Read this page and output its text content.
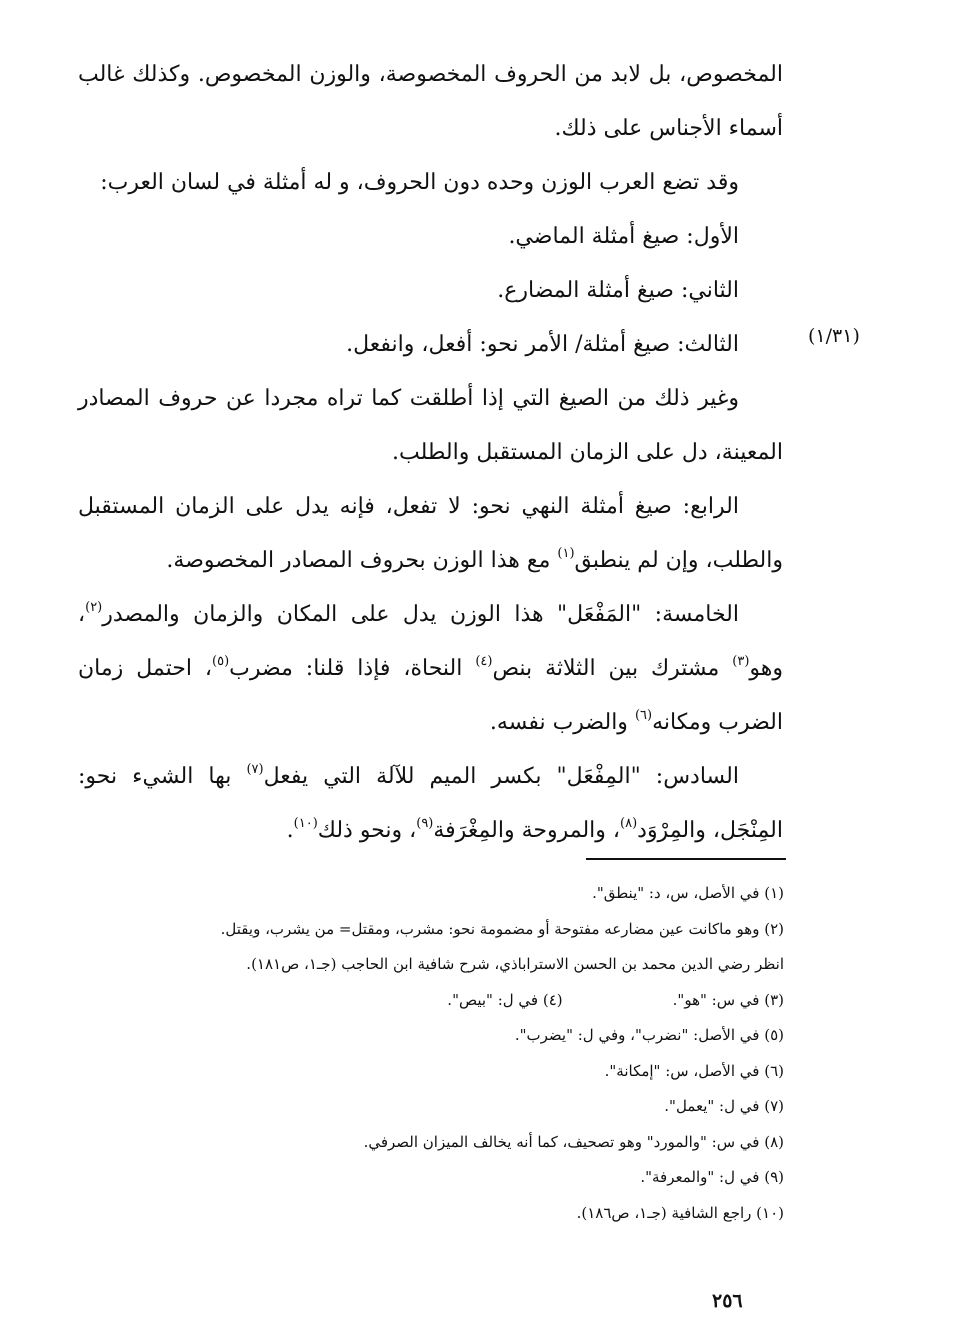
المخصوص، بل لابد من الحروف المخصوصة، والوزن المخصوص. وكذلك غالب أسماء الأجناس على ذلك.

وقد تضع العرب الوزن وحده دون الحروف، و له أمثلة في لسان العرب:

الأول: صيغ أمثلة الماضي.

الثاني: صيغ أمثلة المضارع.

الثالث: صيغ أمثلة/ الأمر نحو: أفعل، وانفعل.

وغير ذلك من الصيغ التي إذا أطلقت كما تراه مجردا عن حروف المصادر المعينة، دل على الزمان المستقبل والطلب.

الرابع: صيغ أمثلة النهي نحو: لا تفعل، فإنه يدل على الزمان المستقبل والطلب، وإن لم ينطبق$^{(١)}$ مع هذا الوزن بحروف المصادر المخصوصة.

الخامسة: "المَفْعَل" هذا الوزن يدل على المكان والزمان والمصدر$^{(٢)}$، وهو$^{(٣)}$ مشترك بين الثلاثة بنص$^{(٤)}$ النحاة، فإذا قلنا: مضرب$^{(٥)}$، احتمل زمان الضرب ومكانه$^{(٦)}$ والضرب نفسه.

السادس: "المِفْعَل" بكسر الميم للآلة التي يفعل$^{(٧)}$ بها الشيء نحو: المِنْجَل، والمِرْوَد$^{(٨)}$، والمروحة والمِغْرَفة$^{(٩)}$، ونحو ذلك$^{(١٠)}$.

(١/٣١)

(١) في الأصل، س، د: "ينطق".

(٢) وهو ماكانت عين مضارعه مفتوحة أو مضمومة نحو: مشرب، ومقتل= من يشرب، ويقتل.

انظر رضي الدين محمد بن الحسن الاستراباذي، شرح شافية ابن الحاجب (جـ١، ص١٨١).

(٣) في س: "هو".
(٤) في ل: "بيص".

(٥) في الأصل: "نضرب"، وفي ل: "يضرب".

(٦) في الأصل، س: "إمكانة".

(٧) في ل: "يعمل".

(٨) في س: "والمورد" وهو تصحيف، كما أنه يخالف الميزان الصرفي.

(٩) في ل: "والمعرفة".

(١٠) راجع الشافية (جـ١، ص١٨٦).

٢٥٦
